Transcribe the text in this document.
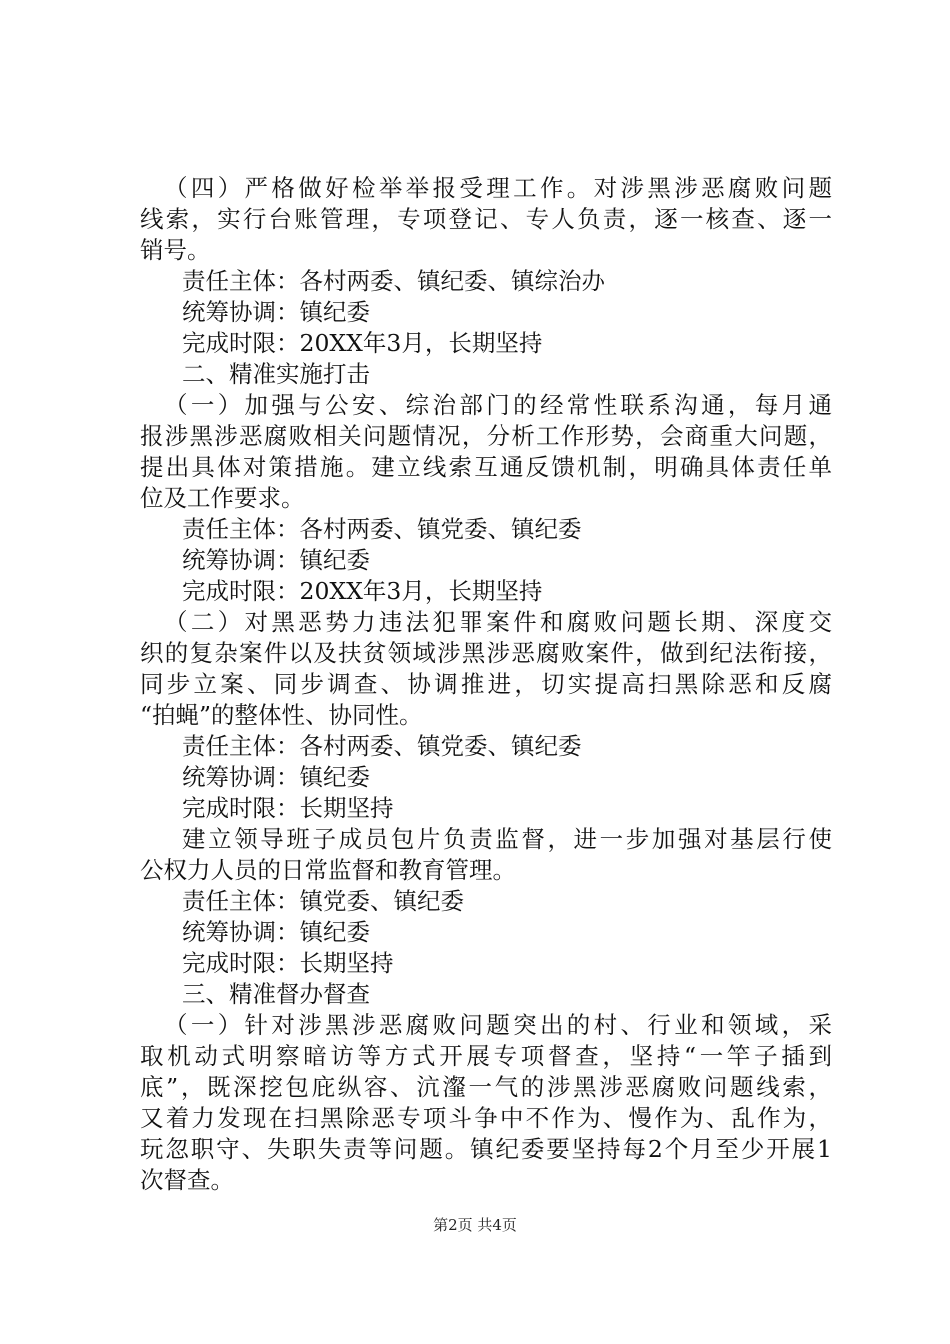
（四）严格做好检举举报受理工作。对涉黑涉恶腐败问题
线索，实行台账管理，专项登记、专人负责，逐一核查、逐一
销号。
责任主体：各村两委、镇纪委、镇综治办
统筹协调：镇纪委
完成时限：20XX年3月，长期坚持
二、精准实施打击
（一）加强与公安、综治部门的经常性联系沟通，每月通
报涉黑涉恶腐败相关问题情况，分析工作形势，会商重大问题，
提出具体对策措施。建立线索互通反馈机制，明确具体责任单
位及工作要求。
责任主体：各村两委、镇党委、镇纪委
统筹协调：镇纪委
完成时限：20XX年3月，长期坚持
（二）对黑恶势力违法犯罪案件和腐败问题长期、深度交
织的复杂案件以及扶贫领域涉黑涉恶腐败案件，做到纪法衔接，
同步立案、同步调查、协调推进，切实提高扫黑除恶和反腐
“拍蝇”的整体性、协同性。
责任主体：各村两委、镇党委、镇纪委
统筹协调：镇纪委
完成时限：长期坚持
建立领导班子成员包片负责监督，进一步加强对基层行使
公权力人员的日常监督和教育管理。
责任主体：镇党委、镇纪委
统筹协调：镇纪委
完成时限：长期坚持
三、精准督办督查
（一）针对涉黑涉恶腐败问题突出的村、行业和领域，采
取机动式明察暗访等方式开展专项督查，坚持“一竿子插到
底”，既深挖包庇纵容、沆瀣一气的涉黑涉恶腐败问题线索，
又着力发现在扫黑除恶专项斗争中不作为、慢作为、乱作为，
玩忽职守、失职失责等问题。镇纪委要坚持每2个月至少开展1
次督查。
第2页 共4页
